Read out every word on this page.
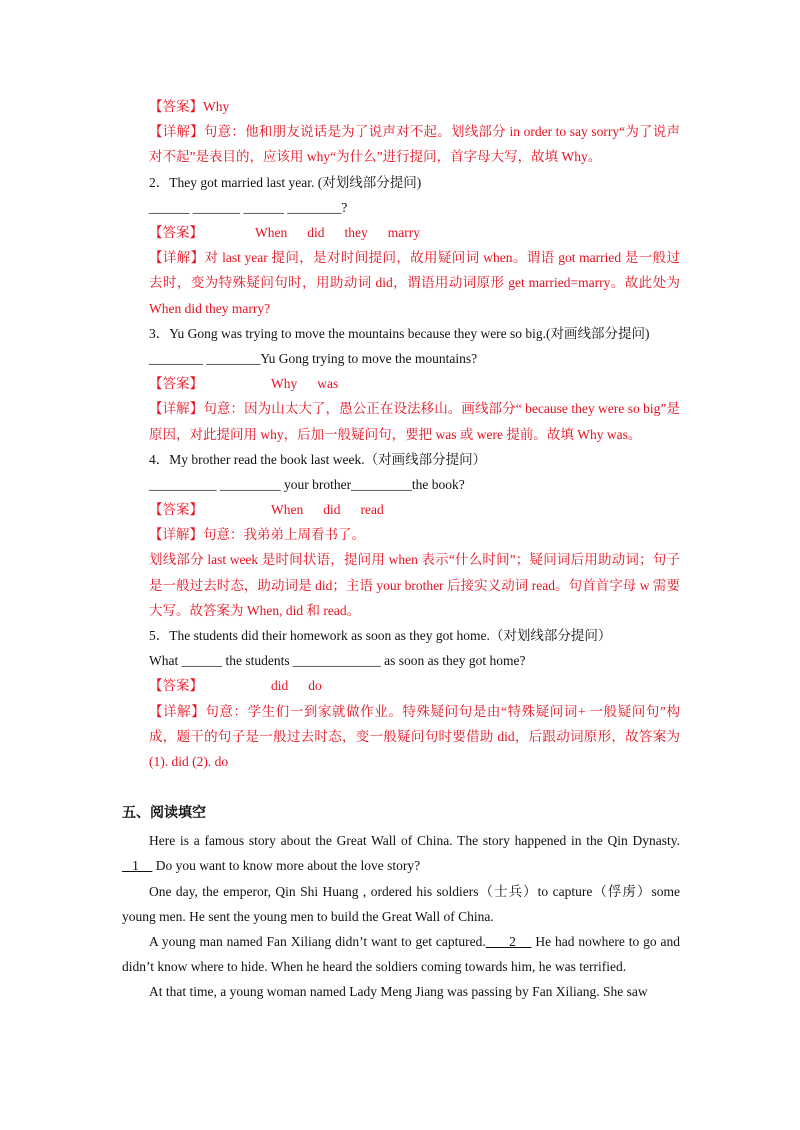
【答案】Why
【详解】句意：他和朋友说话是为了说声对不起。划线部分 in order to say sorry“为了说声对不起”是表目的，应该用 why“为什么”进行提问，首字母大写，故填 Why。
2．They got married last year. (对划线部分提问)
______ _______ ______ ________?
【答案】	When did they marry
【详解】对 last year 提问，是对时间提问，故用疑问词 when。谓语 got married 是一般过去时，变为特殊疑问句时，用助动词 did，谓语用动词原形 get married=marry。故此处为 When did they marry?
3．Yu Gong was trying to move the mountains because they were so big.(对画线部分提问)
________ ________Yu Gong trying to move the mountains?
【答案】	Why was
【详解】句意：因为山太大了，愚公正在设法移山。画线部分“ because they were so big”是原因，对此提问用 why，后加一般疑问句，要把 was 或 were 提前。故填 Why was。
4．My brother read the book last week.（对画线部分提问）
__________ _________ your brother_________the book?
【答案】	When did read
【详解】句意：我弟弟上周看书了。
划线部分 last week 是时间状语，提问用 when 表示“什么时间”；疑问词后用助动词；句子是一般过去时态，助动词是 did；主语 your brother 后接实义动词 read。句首首字母 w 需要大写。故答案为 When, did 和 read。
5．The students did their homework as soon as they got home.（对划线部分提问）
What ______ the students _____________ as soon as they got home?
【答案】	did do
【详解】句意：学生们一到家就做作业。特殊疑问句是由“特殊疑问词+ 一般疑问句”构成，题干的句子是一般过去时态，变一般疑问句时要借助 did，后跟动词原形，故答案为 (1). did (2). do
五、阅读填空
Here is a famous story about the Great Wall of China. The story happened in the Qin Dynasty.   1     Do you want to know more about the love story?
One day, the emperor, Qin Shi Huang , ordered his soldiers（士兵）to capture（俘虏）some young men. He sent the young men to build the Great Wall of China.
A young man named Fan Xiliang didn’t want to get captured.      2     He had nowhere to go and didn’t know where to hide. When he heard the soldiers coming towards him, he was terrified.
At that time, a young woman named Lady Meng Jiang was passing by Fan Xiliang. She saw
